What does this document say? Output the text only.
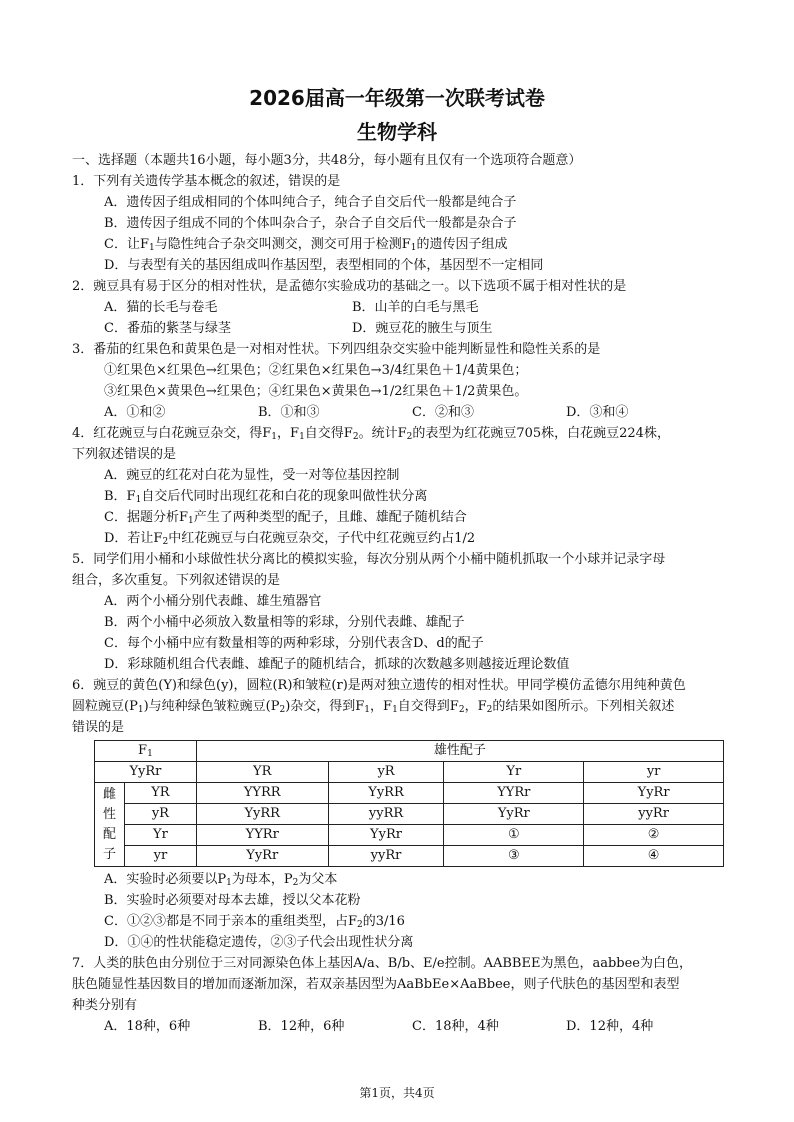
2026届高一年级第一次联考试卷
生物学科
一、选择题（本题共16小题，每小题3分，共48分，每小题有且仅有一个选项符合题意）
1．下列有关遗传学基本概念的叙述，错误的是
A．遗传因子组成相同的个体叫纯合子，纯合子自交后代一般都是纯合子
B．遗传因子组成不同的个体叫杂合子，杂合子自交后代一般都是杂合子
C．让$F_1$与隐性纯合子杂交叫测交，测交可用于检测$F_1$的遗传因子组成
D．与表型有关的基因组成叫作基因型，表型相同的个体，基因型不一定相同
2．豌豆具有易于区分的相对性状，是孟德尔实验成功的基础之一。以下选项不属于相对性状的是
A．猫的长毛与卷毛	B．山羊的白毛与黑毛
C．番茄的紫茎与绿茎	D．豌豆花的腋生与顶生
3．番茄的红果色和黄果色是一对相对性状。下列四组杂交实验中能判断显性和隐性关系的是
①红果色×红果色→红果色；②红果色×红果色→3/4红果色＋1/4黄果色；
③红果色×黄果色→红果色；④红果色×黄果色→1/2红果色＋1/2黄果色。
A．①和②	B．①和③	C．②和③	D．③和④
4．红花豌豆与白花豌豆杂交，得$F_1$，$F_1$自交得$F_2$。统计$F_2$的表型为红花豌豆705株，白花豌豆224株，
下列叙述错误的是
A．豌豆的红花对白花为显性，受一对等位基因控制
B．$F_1$自交后代同时出现红花和白花的现象叫做性状分离
C．据题分析$F_1$产生了两种类型的配子，且雌、雄配子随机结合
D．若让$F_2$中红花豌豆与白花豌豆杂交，子代中红花豌豆约占1/2
5．同学们用小桶和小球做性状分离比的模拟实验，每次分别从两个小桶中随机抓取一个小球并记录字母
组合，多次重复。下列叙述错误的是
A．两个小桶分别代表雌、雄生殖器官
B．两个小桶中必须放入数量相等的彩球，分别代表雌、雄配子
C．每个小桶中应有数量相等的两种彩球，分别代表含D、d的配子
D．彩球随机组合代表雌、雄配子的随机结合，抓球的次数越多则越接近理论数值
6．豌豆的黄色(Y)和绿色(y)，圆粒(R)和皱粒(r)是两对独立遗传的相对性状。甲同学模仿孟德尔用纯种黄色
圆粒豌豆$(P_1)$与纯种绿色皱粒豌豆$(P_2)$杂交，得到$F_1$，$F_1$自交得到$F_2$，$F_2$的结果如图所示。下列相关叙述
错误的是
$F_1$		雄性配子			
YyRr		YR	yR	Yr	yr

雌
性
配
子	YR	YYRR	YyRR	YYRr	YyRr
	yR	YyRR	yyRR	YyRr	yyRr
	Yr	YYRr	YyRr	①	②
	yr	YyRr	yyRr	③	④
A．实验时必须要以$P_1$为母本，$P_2$为父本
B．实验时必须要对母本去雄，授以父本花粉
C．①②③都是不同于亲本的重组类型，占$F_2$的3/16
D．①④的性状能稳定遗传，②③子代会出现性状分离
7．人类的肤色由分别位于三对同源染色体上基因A/a、B/b、E/e控制。AABBEE为黑色，aabbee为白色，
肤色随显性基因数目的增加而逐渐加深，若双亲基因型为AaBbEe×AaBbee，则子代肤色的基因型和表型
种类分别有
A．18种，6种	B．12种，6种	C．18种，4种	D．12种，4种
第1页，共4页
